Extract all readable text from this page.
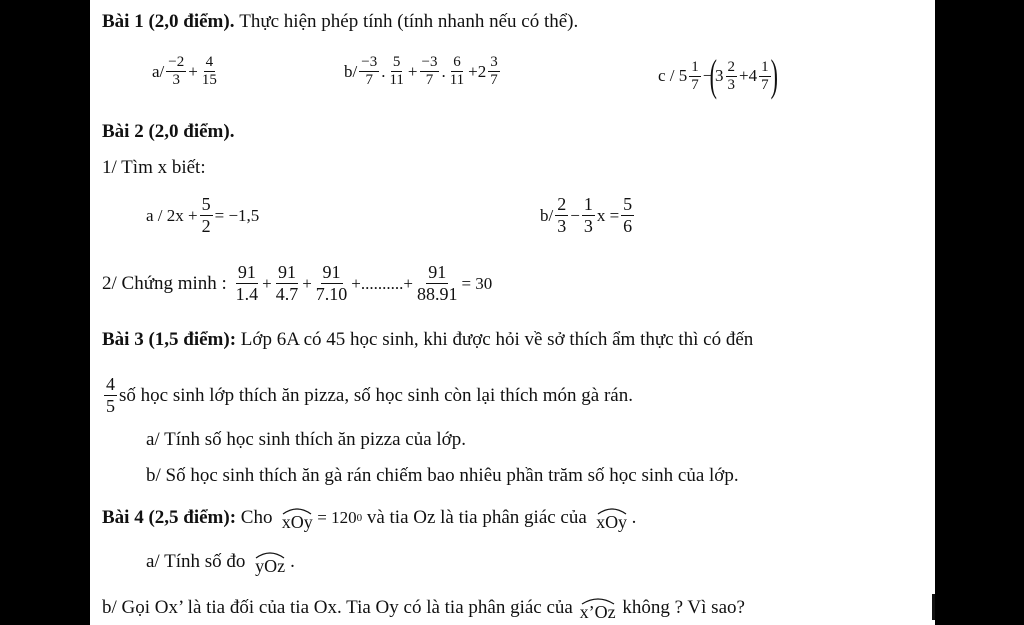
Bài 1 (2,0 điểm).
Thực hiện phép tính (tính nhanh nếu có thể).
$a/ \frac{-2}{3} + \frac{4}{15}$	$b/ \frac{-3}{7}$ . $\frac{5}{11} + \frac{-3}{7}$ . $\frac{6}{11} +2 \frac{3}{7}$	c / $5 \frac{1}{7}$ −
(
$3 \frac{2}{3} +4 \frac{1}{7}$ )
Bài 2 (2,0 điểm).
1/ Tìm x biết:
$a / 2x + \frac{5}{2} = -1,5$	$b/ \frac{2}{3} - \frac{1}{3}$ $x = \frac{5}{6}$
2/ Chứng minh :
$\frac{91}{1.4} + \frac{91}{4.7} + \frac{91}{7.10}$ +..........+ $\frac{91}{88.91} = 30$
Bài 3 (1,5 điểm):
Lớp 6A có 45 học sinh, khi được hỏi về sở thích ẩm thực thì có đến
$\frac{4}{5}$ số học sinh lớp thích ăn pizza, số học sinh còn lại thích món gà rán.
a/ Tính số học sinh thích ăn pizza của lớp.
b/ Số học sinh thích ăn gà rán chiếm bao nhiêu phần trăm số học sinh của lớp.
Bài 4 (2,5 điểm):
Cho
xOy = 120 0
và tia Oz là tia phân giác của
xOy .
a/ Tính số đo
yOz .
b/ Gọi Ox’ là tia đối của tia Ox. Tia Oy có là tia phân giác của
x’Oz
không ? Vì sao?
